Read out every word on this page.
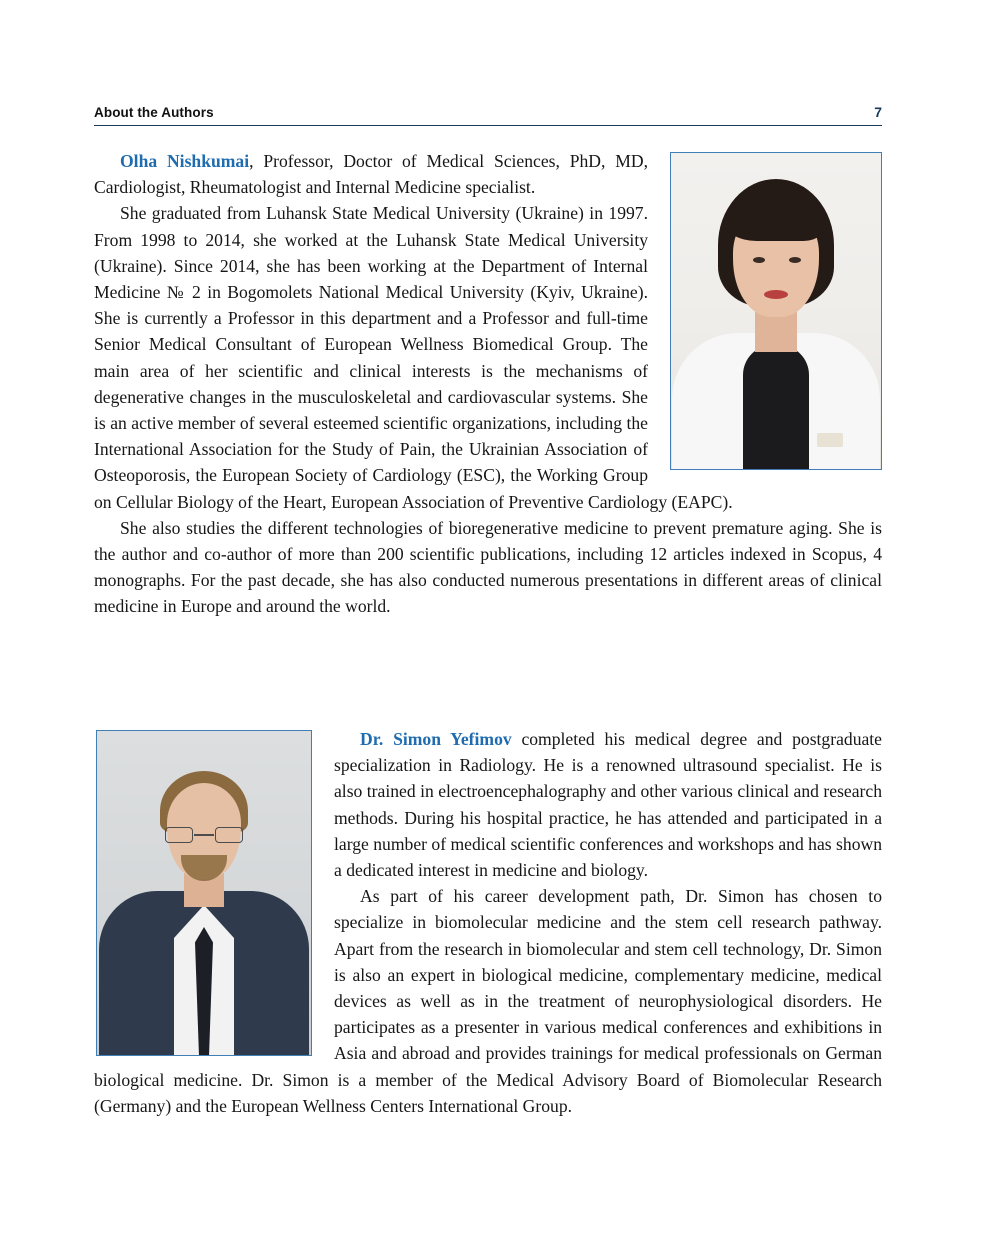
About the Authors	7

Olha Nishkumai, Professor, Doctor of Medical Sciences, PhD, MD, Cardiologist, Rheumatologist and Internal Medicine specialist.

She graduated from Luhansk State Medical University (Ukraine) in 1997. From 1998 to 2014, she worked at the Luhansk State Medical University (Ukraine). Since 2014, she has been working at the Department of Internal Medicine № 2 in Bogomolets National Medical University (Kyiv, Ukraine). She is currently a Professor in this department and a Professor and full-time Senior Medical Consultant of European Wellness Biomedical Group. The main area of her scientific and clinical interests is the mechanisms of degenerative changes in the musculoskeletal and cardiovascular systems. She is an active member of several esteemed scientific organizations, including the International Association for the Study of Pain, the Ukrainian Association of Osteoporosis, the European Society of Cardiology (ESC), the Working Group on Cellular Biology of the Heart, European Association of Preventive Cardiology (EAPC).

She also studies the different technologies of bioregenerative medicine to prevent premature aging. She is the author and co-author of more than 200 scientific publications, including 12 articles indexed in Scopus, 4 monographs. For the past decade, she has also conducted numerous presentations in different areas of clinical medicine in Europe and around the world.

Dr. Simon Yefimov completed his medical degree and postgraduate specialization in Radiology. He is a renowned ultrasound specialist. He is also trained in electroencephalography and other various clinical and research methods. During his hospital practice, he has attended and participated in a large number of medical scientific conferences and workshops and has shown a dedicated interest in medicine and biology.

As part of his career development path, Dr. Simon has chosen to specialize in biomolecular medicine and the stem cell research pathway. Apart from the research in biomolecular and stem cell technology, Dr. Simon is also an expert in biological medicine, complementary medicine, medical devices as well as in the treatment of neurophysiological disorders. He participates as a presenter in various medical conferences and exhibitions in Asia and abroad and provides trainings for medical professionals on German biological medicine. Dr. Simon is a member of the Medical Advisory Board of Biomolecular Research (Germany) and the European Wellness Centers International Group.
